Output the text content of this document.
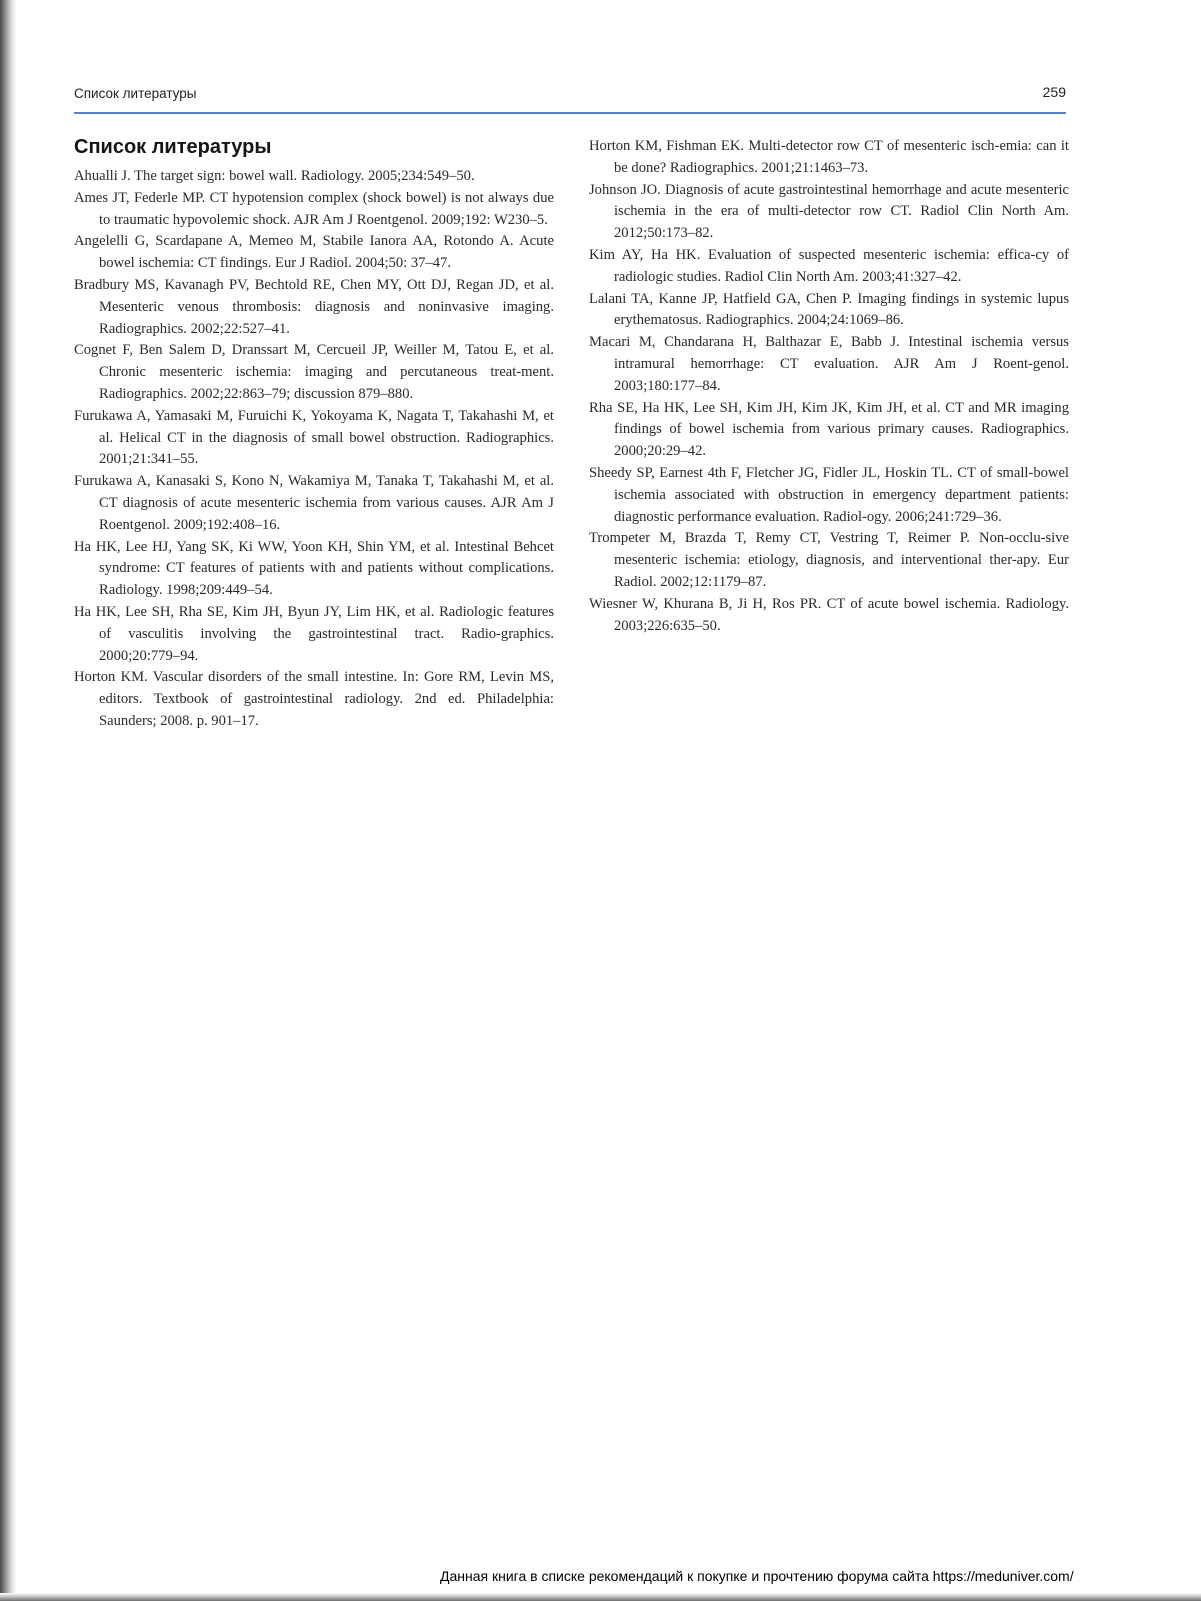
Список литературы	259
Список литературы

Ahualli J. The target sign: bowel wall. Radiology. 2005;234:549–50.

Ames JT, Federle MP. CT hypotension complex (shock bowel) is not always due to traumatic hypovolemic shock. AJR Am J Roentgenol. 2009;192: W230–5.

Angelelli G, Scardapane A, Memeo M, Stabile Ianora AA, Rotondo A. Acute bowel ischemia: CT findings. Eur J Radiol. 2004;50: 37–47.

Bradbury MS, Kavanagh PV, Bechtold RE, Chen MY, Ott DJ, Regan JD, et al. Mesenteric venous thrombosis: diagnosis and noninvasive imaging. Radiographics. 2002;22:527–41.

Cognet F, Ben Salem D, Dranssart M, Cercueil JP, Weiller M, Tatou E, et al. Chronic mesenteric ischemia: imaging and percutaneous treat-ment. Radiographics. 2002;22:863–79; discussion 879–880.

Furukawa A, Yamasaki M, Furuichi K, Yokoyama K, Nagata T, Takahashi M, et al. Helical CT in the diagnosis of small bowel obstruction. Radiographics. 2001;21:341–55.

Furukawa A, Kanasaki S, Kono N, Wakamiya M, Tanaka T, Takahashi M, et al. CT diagnosis of acute mesenteric ischemia from various causes. AJR Am J Roentgenol. 2009;192:408–16.

Ha HK, Lee HJ, Yang SK, Ki WW, Yoon KH, Shin YM, et al. Intestinal Behcet syndrome: CT features of patients with and patients without complications. Radiology. 1998;209:449–54.

Ha HK, Lee SH, Rha SE, Kim JH, Byun JY, Lim HK, et al. Radiologic features of vasculitis involving the gastrointestinal tract. Radio-graphics. 2000;20:779–94.

Horton KM. Vascular disorders of the small intestine. In: Gore RM, Levin MS, editors. Textbook of gastrointestinal radiology. 2nd ed. Philadelphia: Saunders; 2008. p. 901–17.

Horton KM, Fishman EK. Multi-detector row CT of mesenteric isch-emia: can it be done? Radiographics. 2001;21:1463–73.

Johnson JO. Diagnosis of acute gastrointestinal hemorrhage and acute mesenteric ischemia in the era of multi-detector row CT. Radiol Clin North Am. 2012;50:173–82.

Kim AY, Ha HK. Evaluation of suspected mesenteric ischemia: effica-cy of radiologic studies. Radiol Clin North Am. 2003;41:327–42.

Lalani TA, Kanne JP, Hatfield GA, Chen P. Imaging findings in systemic lupus erythematosus. Radiographics. 2004;24:1069–86.

Macari M, Chandarana H, Balthazar E, Babb J. Intestinal ischemia versus intramural hemorrhage: CT evaluation. AJR Am J Roent-genol. 2003;180:177–84.

Rha SE, Ha HK, Lee SH, Kim JH, Kim JK, Kim JH, et al. CT and MR imaging findings of bowel ischemia from various primary causes. Radiographics. 2000;20:29–42.

Sheedy SP, Earnest 4th F, Fletcher JG, Fidler JL, Hoskin TL. CT of small-bowel ischemia associated with obstruction in emergency department patients: diagnostic performance evaluation. Radiol-ogy. 2006;241:729–36.

Trompeter M, Brazda T, Remy CT, Vestring T, Reimer P. Non-occlu-sive mesenteric ischemia: etiology, diagnosis, and interventional ther-apy. Eur Radiol. 2002;12:1179–87.

Wiesner W, Khurana B, Ji H, Ros PR. CT of acute bowel ischemia. Radiology. 2003;226:635–50.

Данная книга в списке рекомендаций к покупке и прочтению форума сайта https://meduniver.com/
